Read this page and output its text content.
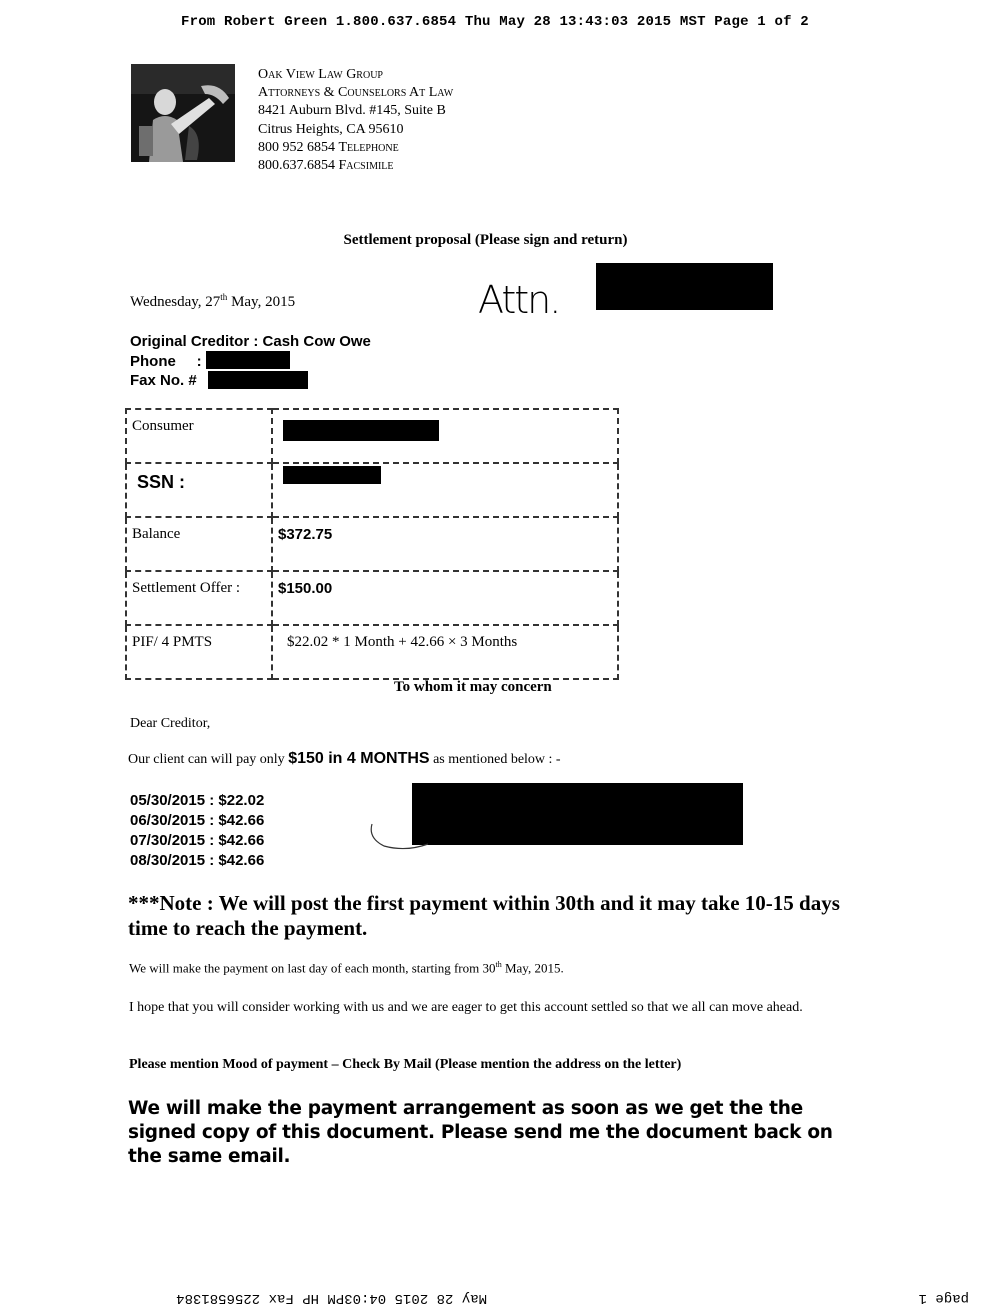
From Robert Green 1.800.637.6854 Thu May 28 13:43:03 2015 MST Page 1 of 2
Oak View Law Group
Attorneys & Counselors At Law
8421 Auburn Blvd. #145, Suite B
Citrus Heights, CA 95610
800 952 6854 Telephone
800.637.6854 Facsimile
Settlement proposal (Please sign and return)
Wednesday, 27th May, 2015	Attn.
Original Creditor : Cash Cow Owe
Phone     :
Fax No. #
Consumer	

SSN :	

Balance	$372.75
Settlement Offer :	$150.00
PIF/ 4 PMTS	$22.02 * 1 Month + 42.66 × 3 Months
To whom it may concern
Dear Creditor,
Our client can will pay only $150 in 4 MONTHS as mentioned below : -
05/30/2015 : $22.02
06/30/2015 : $42.66
07/30/2015 : $42.66
08/30/2015 : $42.66
***Note : We will post the first payment within 30th and it may take 10-15 days time to reach the payment.
We will make the payment on last day of each month, starting from 30th May, 2015.
I hope that you will consider working with us and we are eager to get this account settled so that we all can move ahead.
Please mention Mood of payment – Check By Mail (Please mention the address on the letter)
We will make the payment arrangement as soon as we get the the signed copy of this document. Please send me the document back on the same email.
page 1
May 28 2015 04:03PM HP Fax 2256581384
